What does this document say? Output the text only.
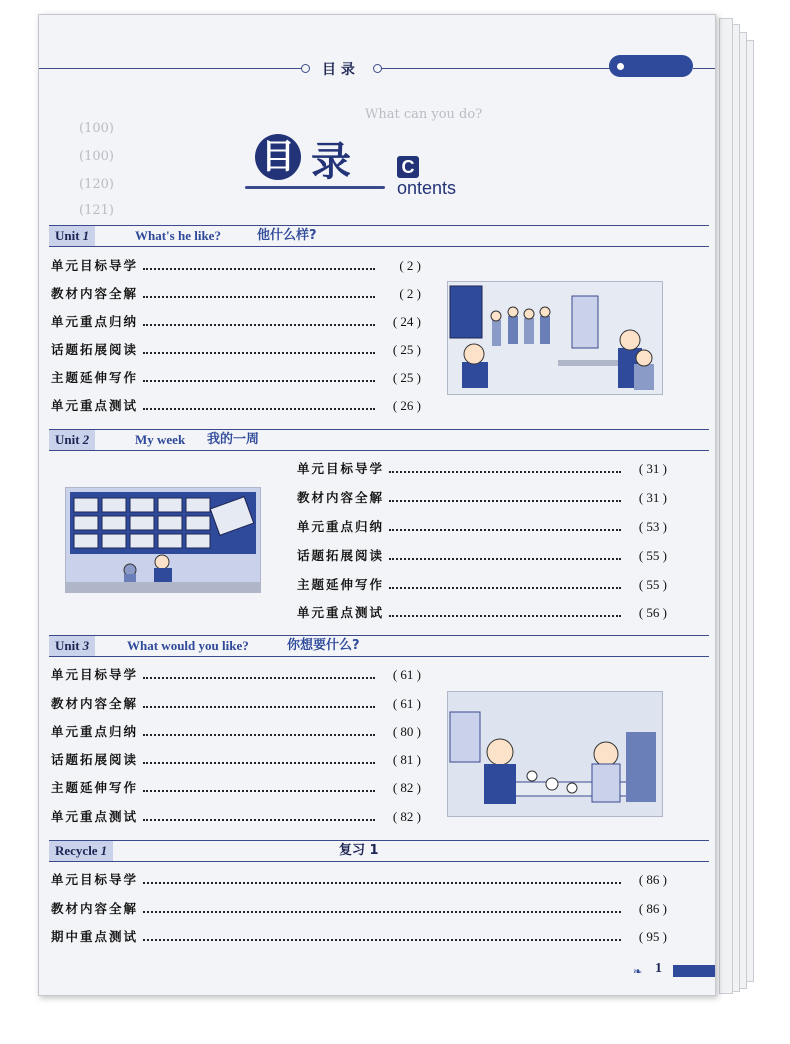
(100)
(100)
(120)
(121)
What can you do?
目 录
目 录	Contents
Unit 1	What's he like?	他什么样?
单元目标导学	( 2 )
教材内容全解	( 2 )
单元重点归纳	( 24 )
话题拓展阅读	( 25 )
主题延伸写作	( 25 )
单元重点测试	( 26 )
Unit 2	My week 我的一周
单元目标导学	( 31 )
教材内容全解	( 31 )
单元重点归纳	( 53 )
话题拓展阅读	( 55 )
主题延伸写作	( 55 )
单元重点测试	( 56 )
Unit 3	What would you like?	你想要什么?
单元目标导学	( 61 )
教材内容全解	( 61 )
单元重点归纳	( 80 )
话题拓展阅读	( 81 )
主题延伸写作	( 82 )
单元重点测试	( 82 )
Recycle 1	复习 1
单元目标导学	( 86 )
教材内容全解	( 86 )
期中重点测试	( 95 )
❧ 1
